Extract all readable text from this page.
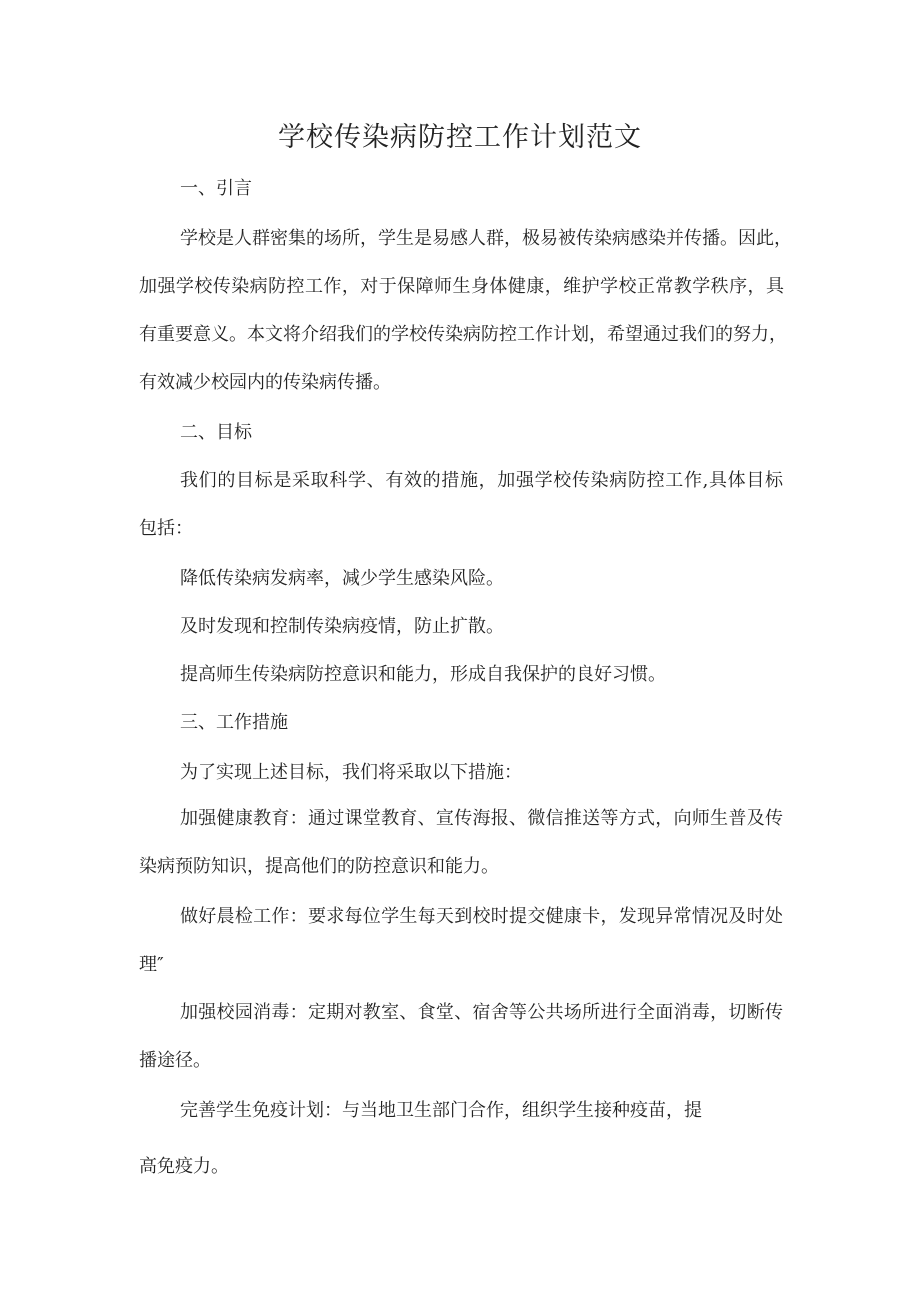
学校传染病防控工作计划范文
一、引言
学校是人群密集的场所，学生是易感人群，极易被传染病感染并传播。因此，
加强学校传染病防控工作，对于保障师生身体健康，维护学校正常教学秩序，具
有重要意义。本文将介绍我们的学校传染病防控工作计划，希望通过我们的努力，
有效减少校园内的传染病传播。
二、目标
我们的目标是采取科学、有效的措施，加强学校传染病防控工作,具体目标
包括：
降低传染病发病率，减少学生感染风险。
及时发现和控制传染病疫情，防止扩散。
提高师生传染病防控意识和能力，形成自我保护的良好习惯。
三、工作措施
为了实现上述目标，我们将采取以下措施：
加强健康教育：通过课堂教育、宣传海报、微信推送等方式，向师生普及传
染病预防知识，提高他们的防控意识和能力。
做好晨检工作：要求每位学生每天到校时提交健康卡，发现异常情况及时处
理″
加强校园消毒：定期对教室、食堂、宿舍等公共场所进行全面消毒，切断传
播途径。
完善学生免疫计划：与当地卫生部门合作，组织学生接种疫苗，提
高免疫力。
